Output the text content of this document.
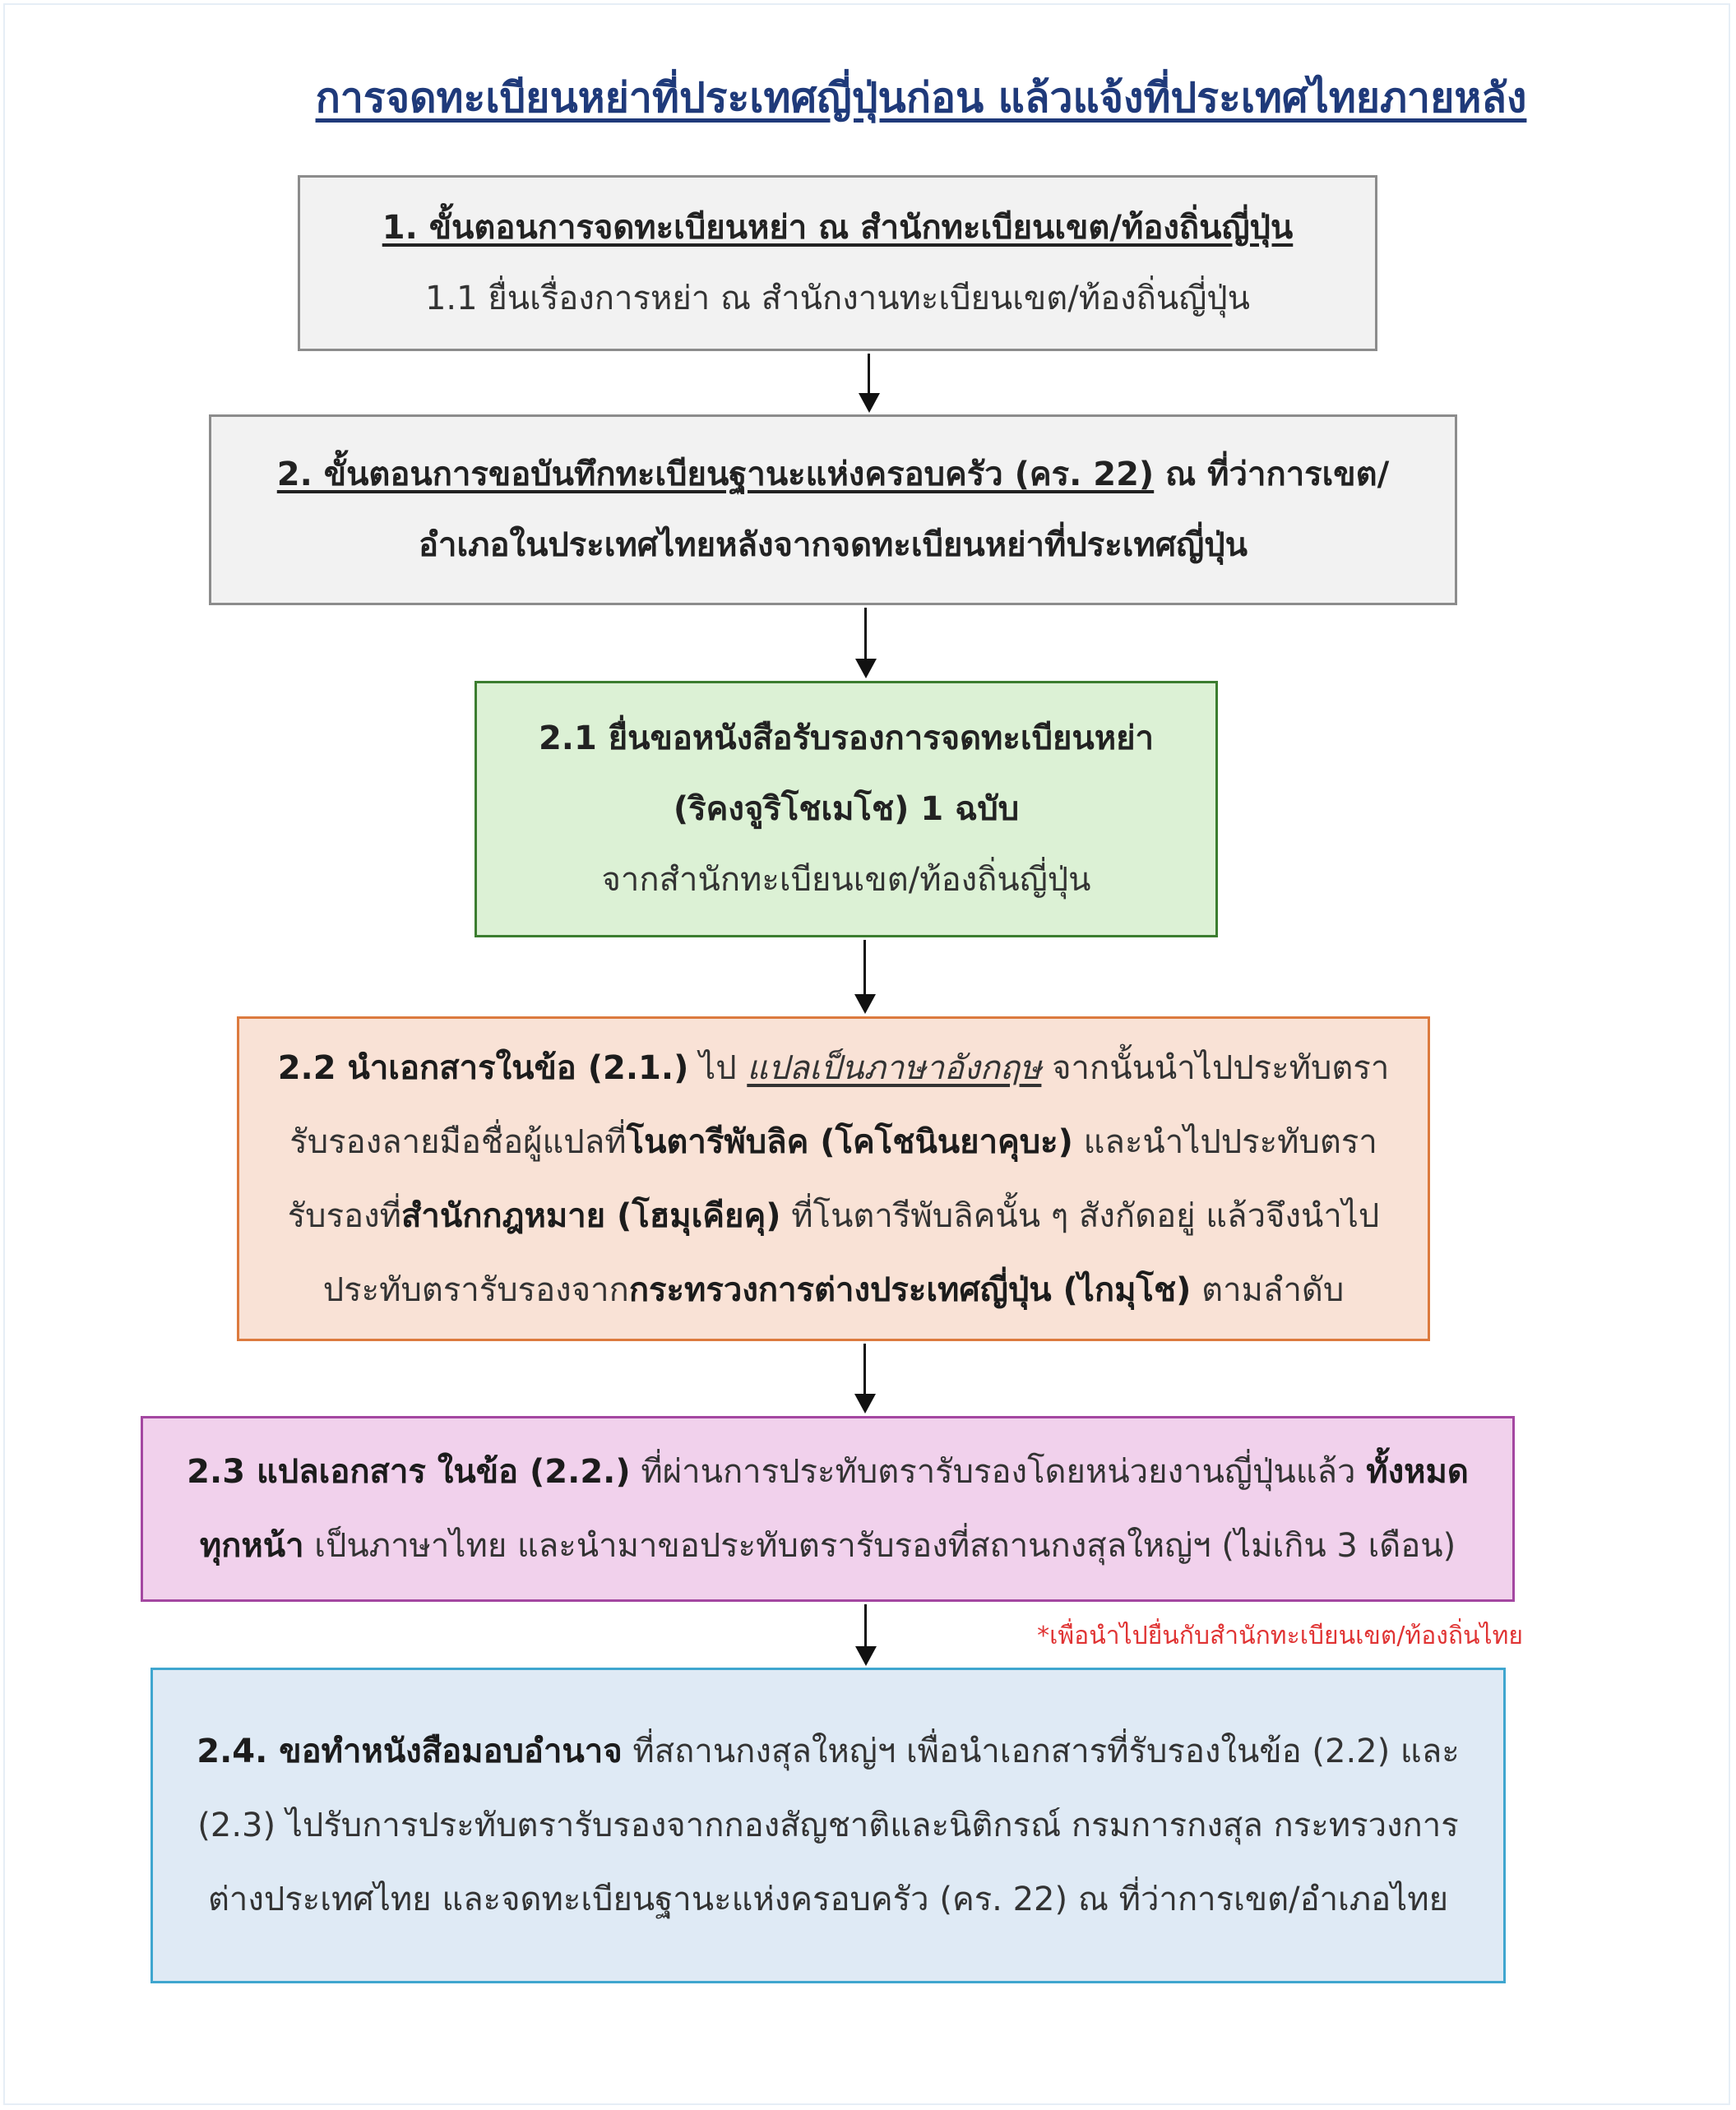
การจดทะเบียนหย่าที่ประเทศญี่ปุ่นก่อน แล้วแจ้งที่ประเทศไทยภายหลัง

1. ขั้นตอนการจดทะเบียนหย่า ณ สำนักทะเบียนเขต/ท้องถิ่นญี่ปุ่น

1.1 ยื่นเรื่องการหย่า ณ สำนักงานทะเบียนเขต/ท้องถิ่นญี่ปุ่น

2. ขั้นตอนการขอบันทึกทะเบียนฐานะแห่งครอบครัว (คร. 22) ณ ที่ว่าการเขต/

อำเภอในประเทศไทยหลังจากจดทะเบียนหย่าที่ประเทศญี่ปุ่น

2.1 ยื่นขอหนังสือรับรองการจดทะเบียนหย่า

(ริคงจูริโชเมโช) 1 ฉบับ

จากสำนักทะเบียนเขต/ท้องถิ่นญี่ปุ่น

2.2 นำเอกสารในข้อ (2.1.) ไป แปลเป็นภาษาอังกฤษ จากนั้นนำไปประทับตรา

รับรองลายมือชื่อผู้แปลที่โนตารีพับลิค (โคโชนินยาคุบะ) และนำไปประทับตรา

รับรองที่สำนักกฎหมาย (โฮมุเคียคุ) ที่โนตารีพับลิคนั้น ๆ สังกัดอยู่ แล้วจึงนำไป

ประทับตรารับรองจากกระทรวงการต่างประเทศญี่ปุ่น (ไกมุโช) ตามลำดับ

2.3 แปลเอกสาร ในข้อ (2.2.) ที่ผ่านการประทับตรารับรองโดยหน่วยงานญี่ปุ่นแล้ว ทั้งหมด

ทุกหน้า เป็นภาษาไทย และนำมาขอประทับตรารับรองที่สถานกงสุลใหญ่ฯ (ไม่เกิน 3 เดือน)

*เพื่อนำไปยื่นกับสำนักทะเบียนเขต/ท้องถิ่นไทย

2.4. ขอทำหนังสือมอบอำนาจ ที่สถานกงสุลใหญ่ฯ เพื่อนำเอกสารที่รับรองในข้อ (2.2) และ

(2.3) ไปรับการประทับตรารับรองจากกองสัญชาติและนิติกรณ์ กรมการกงสุล กระทรวงการ

ต่างประเทศไทย และจดทะเบียนฐานะแห่งครอบครัว (คร. 22) ณ ที่ว่าการเขต/อำเภอไทย
